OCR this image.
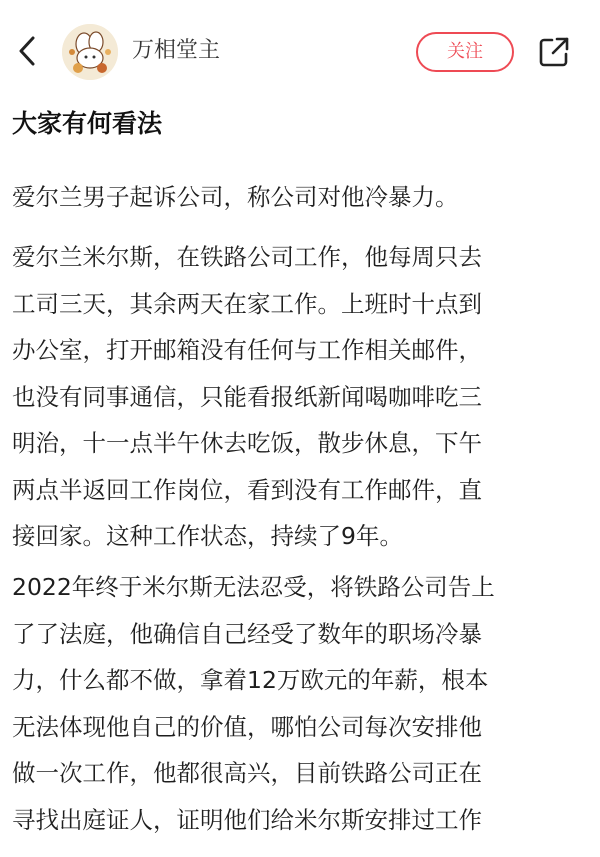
万相堂主	关注
大家有何看法
爱尔兰男子起诉公司，称公司对他冷暴力。
爱尔兰米尔斯，在铁路公司工作，他每周只去
工司三天，其余两天在家工作。上班时十点到
办公室，打开邮箱没有任何与工作相关邮件，
也没有同事通信，只能看报纸新闻喝咖啡吃三
明治，十一点半午休去吃饭，散步休息，下午
两点半返回工作岗位，看到没有工作邮件，直
接回家。这种工作状态，持续了9年。
2022年终于米尔斯无法忍受，将铁路公司告上
了了法庭，他确信自己经受了数年的职场冷暴
力，什么都不做，拿着12万欧元的年薪，根本
无法体现他自己的价值，哪怕公司每次安排他
做一次工作，他都很高兴，目前铁路公司正在
寻找出庭证人，证明他们给米尔斯安排过工作
